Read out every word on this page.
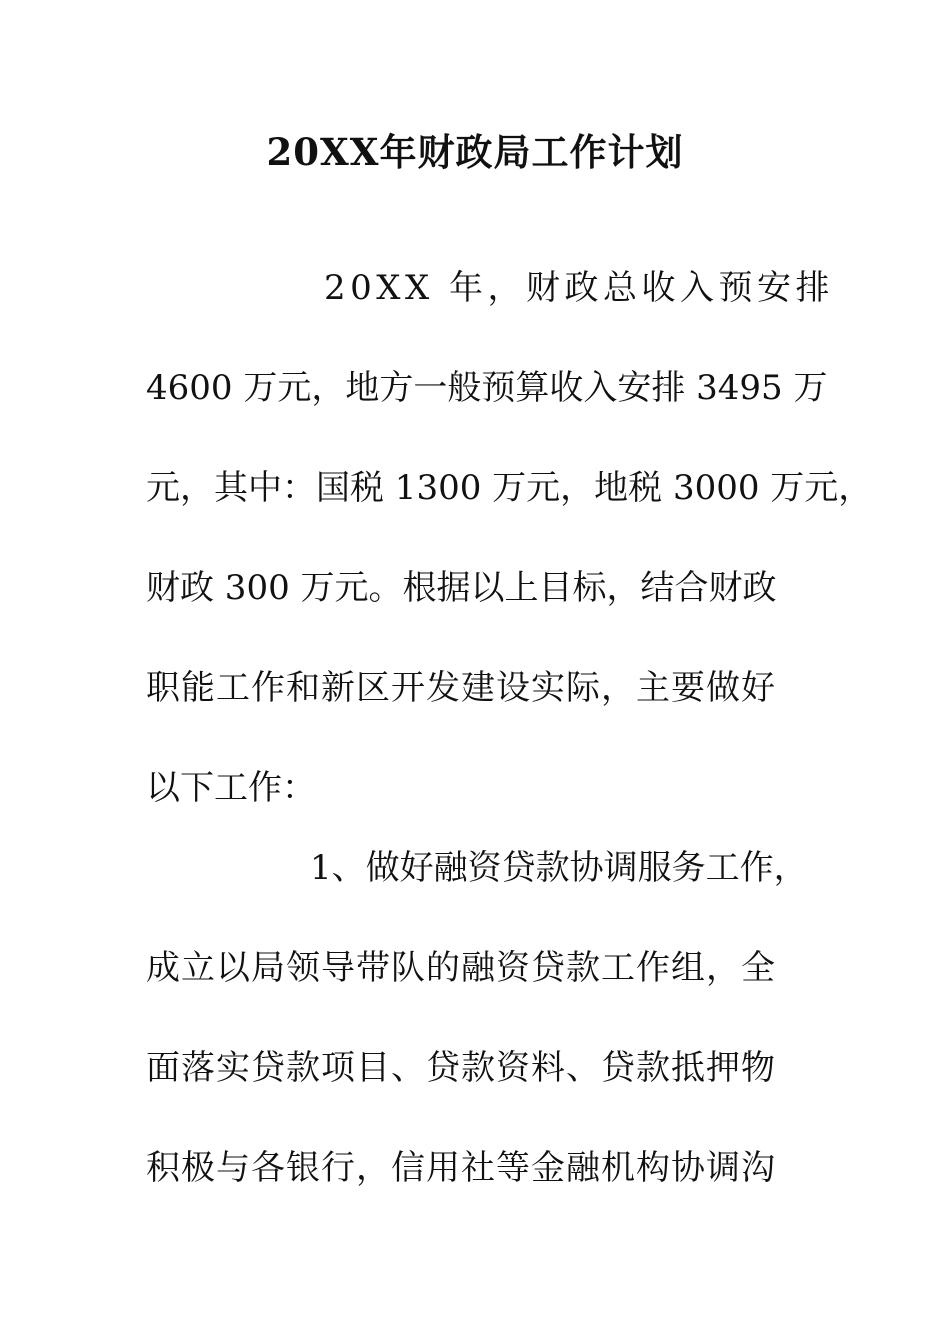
20XX年财政局工作计划
20XX 年，财政总收入预安排
4600 万元，地方一般预算收入安排 3495 万
元，其中：国税 1300 万元，地税 3000 万元，
财政 300 万元。根据以上目标，结合财政
职能工作和新区开发建设实际，主要做好
以下工作：
1、做好融资贷款协调服务工作，
成立以局领导带队的融资贷款工作组，全
面落实贷款项目、贷款资料、贷款抵押物
积极与各银行，信用社等金融机构协调沟
